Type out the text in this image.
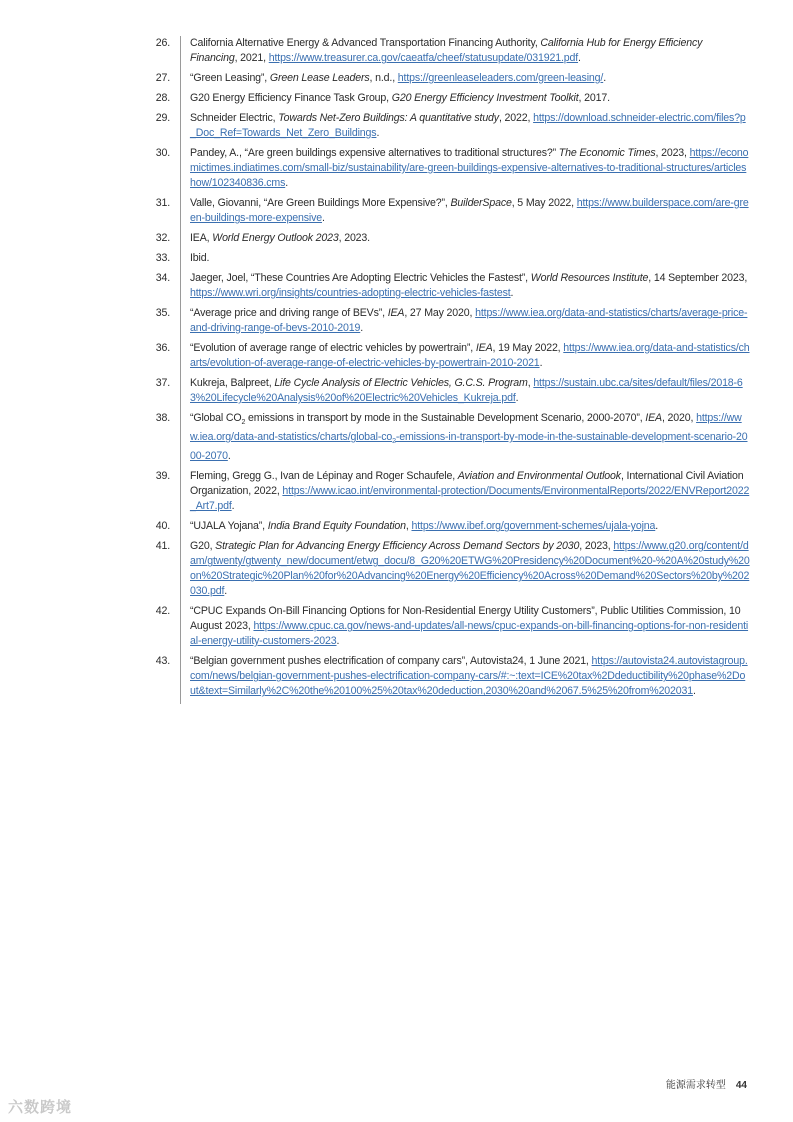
26.	California Alternative Energy & Advanced Transportation Financing Authority, California Hub for Energy Efficiency Financing, 2021, https://www.treasurer.ca.gov/caeatfa/cheef/statusupdate/031921.pdf.
27.	“Green Leasing”, Green Lease Leaders, n.d., https://greenleaseleaders.com/green-leasing/.
28.	G20 Energy Efficiency Finance Task Group, G20 Energy Efficiency Investment Toolkit, 2017.
29.	Schneider Electric, Towards Net-Zero Buildings: A quantitative study, 2022, https://download.schneider-electric.com/files?p_Doc_Ref=Towards_Net_Zero_Buildings.
30.	Pandey, A., “Are green buildings expensive alternatives to traditional structures?” The Economic Times, 2023, https://economictimes.indiatimes.com/small-biz/sustainability/are-green-buildings-expensive-alternatives-to-traditional-structures/articleshow/102340836.cms.
31.	Valle, Giovanni, “Are Green Buildings More Expensive?”, BuilderSpace, 5 May 2022, https://www.builderspace.com/are-green-buildings-more-expensive.
32.	IEA, World Energy Outlook 2023, 2023.
33.	Ibid.
34.	Jaeger, Joel, “These Countries Are Adopting Electric Vehicles the Fastest”, World Resources Institute, 14 September 2023, https://www.wri.org/insights/countries-adopting-electric-vehicles-fastest.
35.	“Average price and driving range of BEVs”, IEA, 27 May 2020, https://www.iea.org/data-and-statistics/charts/average-price-and-driving-range-of-bevs-2010-2019.
36.	“Evolution of average range of electric vehicles by powertrain”, IEA, 19 May 2022, https://www.iea.org/data-and-statistics/charts/evolution-of-average-range-of-electric-vehicles-by-powertrain-2010-2021.
37.	Kukreja, Balpreet, Life Cycle Analysis of Electric Vehicles, G.C.S. Program, https://sustain.ubc.ca/sites/default/files/2018-63%20Lifecycle%20Analysis%20of%20Electric%20Vehicles_Kukreja.pdf.
38.	“Global $CO_2$ emissions in transport by mode in the Sustainable Development Scenario, 2000-2070”, IEA, 2020, $https://www.iea.org/data-and-statistics/charts/global-co_2-emissions-in-transport-by-mode-in-the-sustainable-development-$scenario-2000-2070.
39.	Fleming, Gregg G., Ivan de Lépinay and Roger Schaufele, Aviation and Environmental Outlook, International Civil Aviation Organization, 2022, https://www.icao.int/environmental-protection/Documents/EnvironmentalReports/2022/ENVReport2022_Art7.pdf.
40.	“UJALA Yojana”, India Brand Equity Foundation, https://www.ibef.org/government-schemes/ujala-yojna.
41.	G20, Strategic Plan for Advancing Energy Efficiency Across Demand Sectors by 2030, 2023, https://www.g20.org/content/dam/gtwenty/gtwenty_new/document/etwg_docu/8_G20%20ETWG%20Presidency%20Document%20-%20A%20study%20on%20Strategic%20Plan%20for%20Advancing%20Energy%20Efficiency%20Across%20Demand%20Sectors%20by%202030.pdf.
42.	“CPUC Expands On-Bill Financing Options for Non-Residential Energy Utility Customers”, Public Utilities Commission, 10 August 2023, https://www.cpuc.ca.gov/news-and-updates/all-news/cpuc-expands-on-bill-financing-options-for-non-residential-energy-utility-customers-2023.
43.	“Belgian government pushes electrification of company cars”, Autovista24, 1 June 2021, https://autovista24.autovistagroup.com/news/belgian-government-pushes-electrification-company-cars/#:~:text=ICE%20tax%2Ddeductibility%20phase%2Dout&text=Similarly%2C%20the%20100%25%20tax%20deduction,2030%20and%2067.5%25%20from%202031.
能源需求转型 44
六数跨境
